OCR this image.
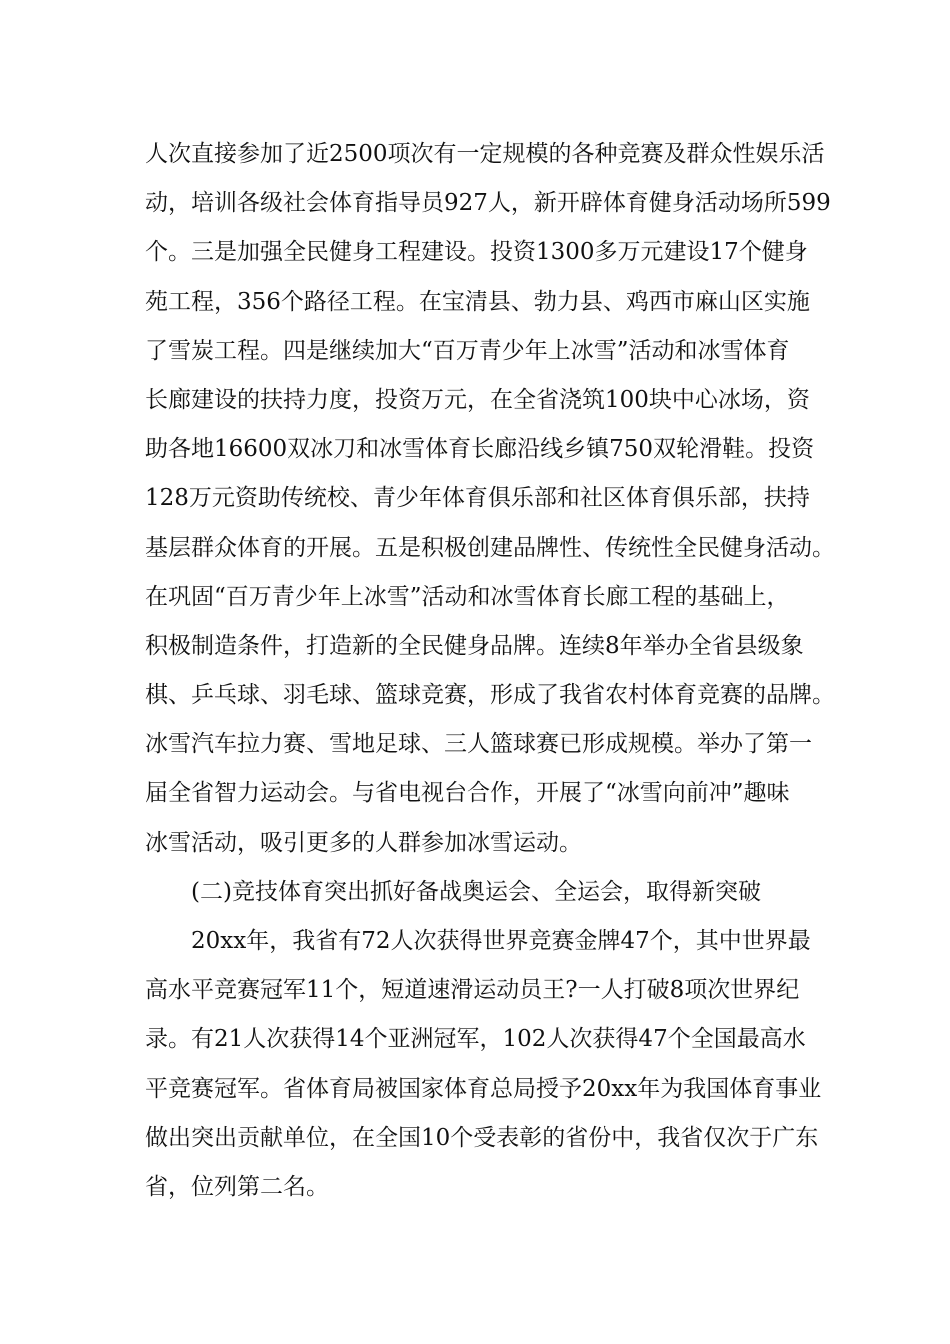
人次直接参加了近2500项次有一定规模的各种竞赛及群众性娱乐活
动，培训各级社会体育指导员927人，新开辟体育健身活动场所599
个。三是加强全民健身工程建设。投资1300多万元建设17个健身
苑工程，356个路径工程。在宝清县、勃力县、鸡西市麻山区实施
了雪炭工程。四是继续加大“百万青少年上冰雪”活动和冰雪体育
长廊建设的扶持力度，投资万元，在全省浇筑100块中心冰场，资
助各地16600双冰刀和冰雪体育长廊沿线乡镇750双轮滑鞋。投资
128万元资助传统校、青少年体育俱乐部和社区体育俱乐部，扶持
基层群众体育的开展。五是积极创建品牌性、传统性全民健身活动。
在巩固“百万青少年上冰雪”活动和冰雪体育长廊工程的基础上，
积极制造条件，打造新的全民健身品牌。连续8年举办全省县级象
棋、乒乓球、羽毛球、篮球竞赛，形成了我省农村体育竞赛的品牌。
冰雪汽车拉力赛、雪地足球、三人篮球赛已形成规模。举办了第一
届全省智力运动会。与省电视台合作，开展了“冰雪向前冲”趣味
冰雪活动，吸引更多的人群参加冰雪运动。
(二)竞技体育突出抓好备战奥运会、全运会，取得新突破
20xx年，我省有72人次获得世界竞赛金牌47个，其中世界最
高水平竞赛冠军11个，短道速滑运动员王?一人打破8项次世界纪
录。有21人次获得14个亚洲冠军，102人次获得47个全国最高水
平竞赛冠军。省体育局被国家体育总局授予20xx年为我国体育事业
做出突出贡献单位，在全国10个受表彰的省份中，我省仅次于广东
省，位列第二名。
